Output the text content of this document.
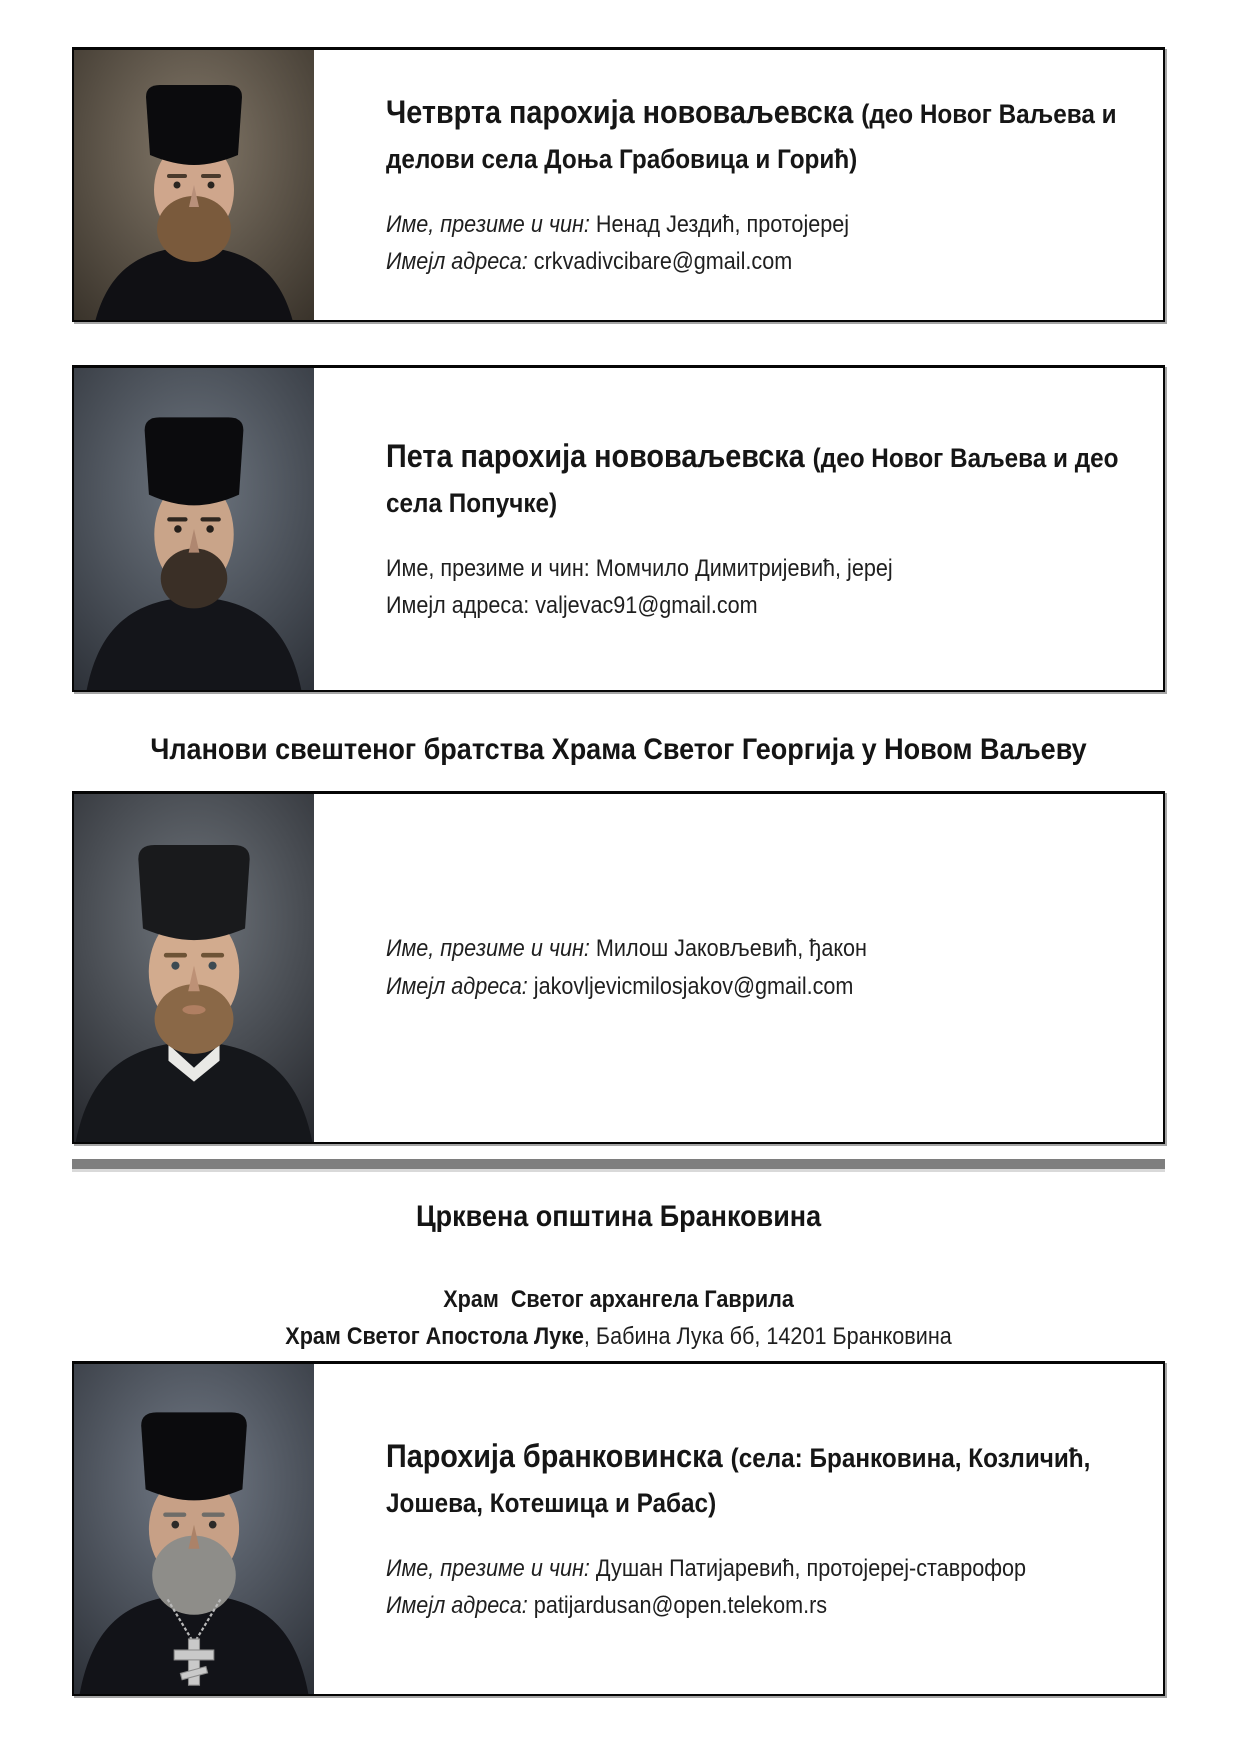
Четврта парохија нововаљевска (део Новог Ваљева и делови села Доња Грабовица и Горић)
Име, презиме и чин: Ненад Јездић, протојереј
Имејл адреса: crkvadivcibare@gmail.com
Пета парохија нововаљевска (део Новог Ваљева и део села Попучке)
Име, презиме и чин: Момчило Димитријевић, јереј
Имејл адреса: valjevac91@gmail.com
Чланови свештеног братства Храма Светог Георгија у Новом Ваљеву
Име, презиме и чин: Милош Јаковљевић, ђакон
Имејл адреса: jakovljevicmilosjakov@gmail.com
Црквена општина Бранковина

Храм  Светог архангела Гаврила

Храм Светог Апостола Луке, Бабина Лука бб, 14201 Бранковина

Парохија бранковинска (села: Бранковина, Козличић, Јошева, Котешица и Рабас)
Име, презиме и чин: Душан Патијаревић, протојереј-ставрофор
Имејл адреса: patijardusan@open.telekom.rs
